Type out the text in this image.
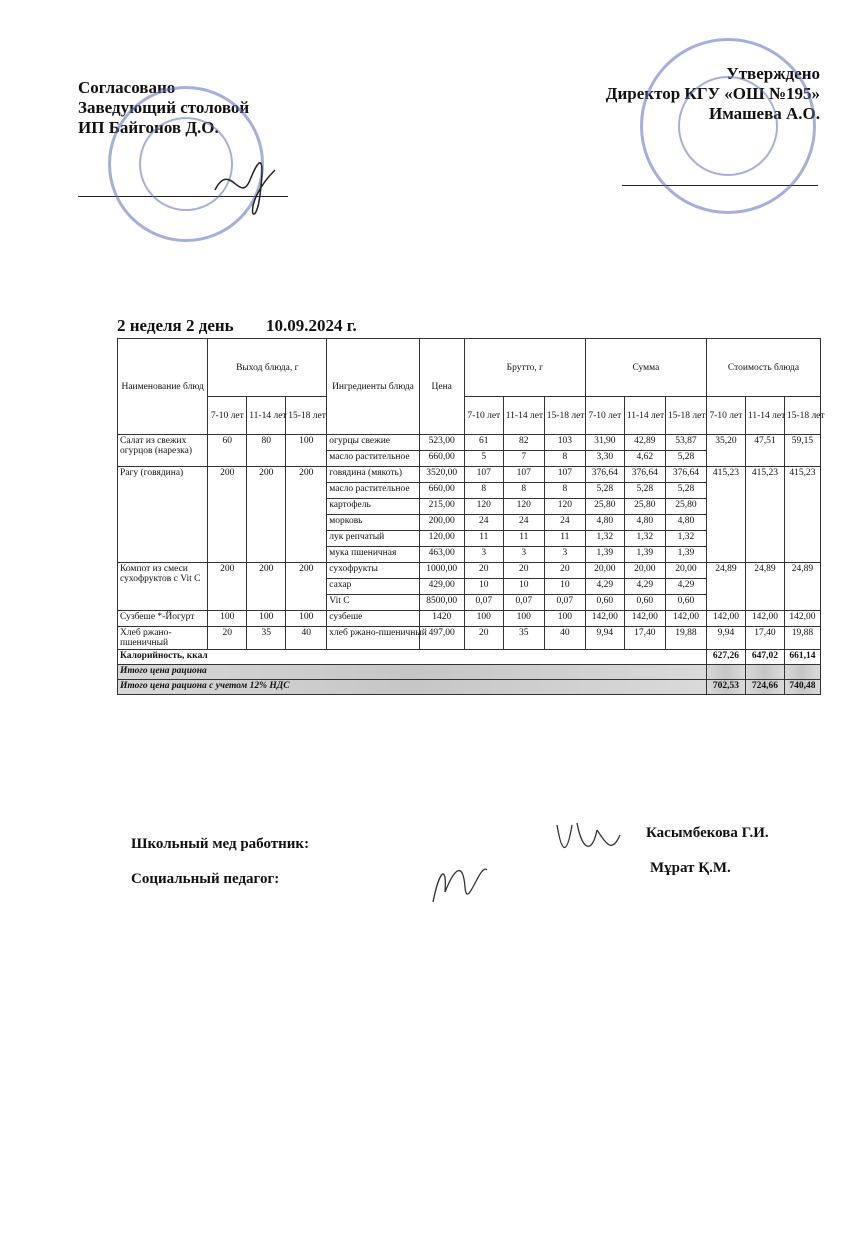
Согласовано
Заведующий столовой
ИП Байгонов Д.О.
Утверждено
Директор КГУ «ОШ №195»
Имашева А.О.
2 неделя 2 день 10.09.2024 г.
Наименование блюд	Выход блюда, г			Ингредиенты блюда	Цена	Брутто, г			Сумма			Стоимость блюда		
	7-10 лет	11-14 лет	15-18 лет			7-10 лет	11-14 лет	15-18 лет	7-10 лет	11-14 лет	15-18 лет	7-10 лет	11-14 лет	15-18 лет
Салат из свежих огурцов (нарезка)	60	80	100	огурцы свежие	523,00	61	82	103	31,90	42,89	53,87	35,20	47,51	59,15
				масло растительное	660,00	5	7	8	3,30	4,62	5,28			
Рагу (говядина)	200	200	200	говядина (мякоть)	3520,00	107	107	107	376,64	376,64	376,64	415,23	415,23	415,23
				масло растительное	660,00	8	8	8	5,28	5,28	5,28			
				картофель	215,00	120	120	120	25,80	25,80	25,80			
				морковь	200,00	24	24	24	4,80	4,80	4,80			
				лук репчатый	120,00	11	11	11	1,32	1,32	1,32			
				мука пшеничная	463,00	3	3	3	1,39	1,39	1,39			
Компот из смеси сухофруктов с Vit C	200	200	200	сухофрукты	1000,00	20	20	20	20,00	20,00	20,00	24,89	24,89	24,89
				сахар	429,00	10	10	10	4,29	4,29	4,29			
				Vit C	8500,00	0,07	0,07	0,07	0,60	0,60	0,60			
Сузбеше *-Йогурт	100	100	100	сузбеше	1420	100	100	100	142,00	142,00	142,00	142,00	142,00	142,00
Хлеб ржано-пшеничный	20	35	40	хлеб ржано-пшеничный	497,00	20	35	40	9,94	17,40	19,88	9,94	17,40	19,88
Калорийность, ккал												627,26	647,02	661,14
Итого цена рациона														
Итого цена рациона с учетом 12% НДС												702,53	724,66	740,48
Школьный мед работник:
Касымбекова Г.И.
Социальный педагог:
Мұрат Қ.М.
